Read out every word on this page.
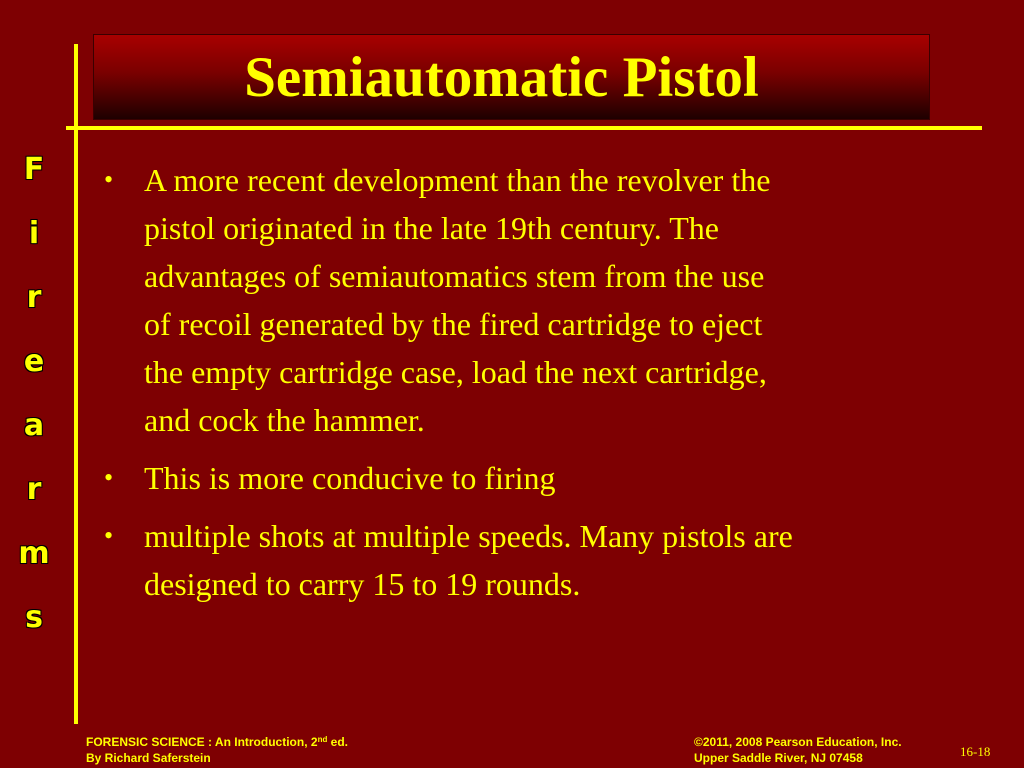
Semiautomatic Pistol
F
i
r
e
a
r
m
s
• A more recent development than the revolver the
pistol originated in the late 19th century. The
advantages of semiautomatics stem from the use
of recoil generated by the fired cartridge to eject
the empty cartridge case, load the next cartridge,
and cock the hammer.
• This is more conducive to firing
• multiple shots at multiple speeds. Many pistols are
designed to carry 15 to 19 rounds.
FORENSIC SCIENCE : An Introduction, 2nd ed.
By Richard Saferstein
©2011, 2008 Pearson Education, Inc.
Upper Saddle River, NJ 07458	16-18
